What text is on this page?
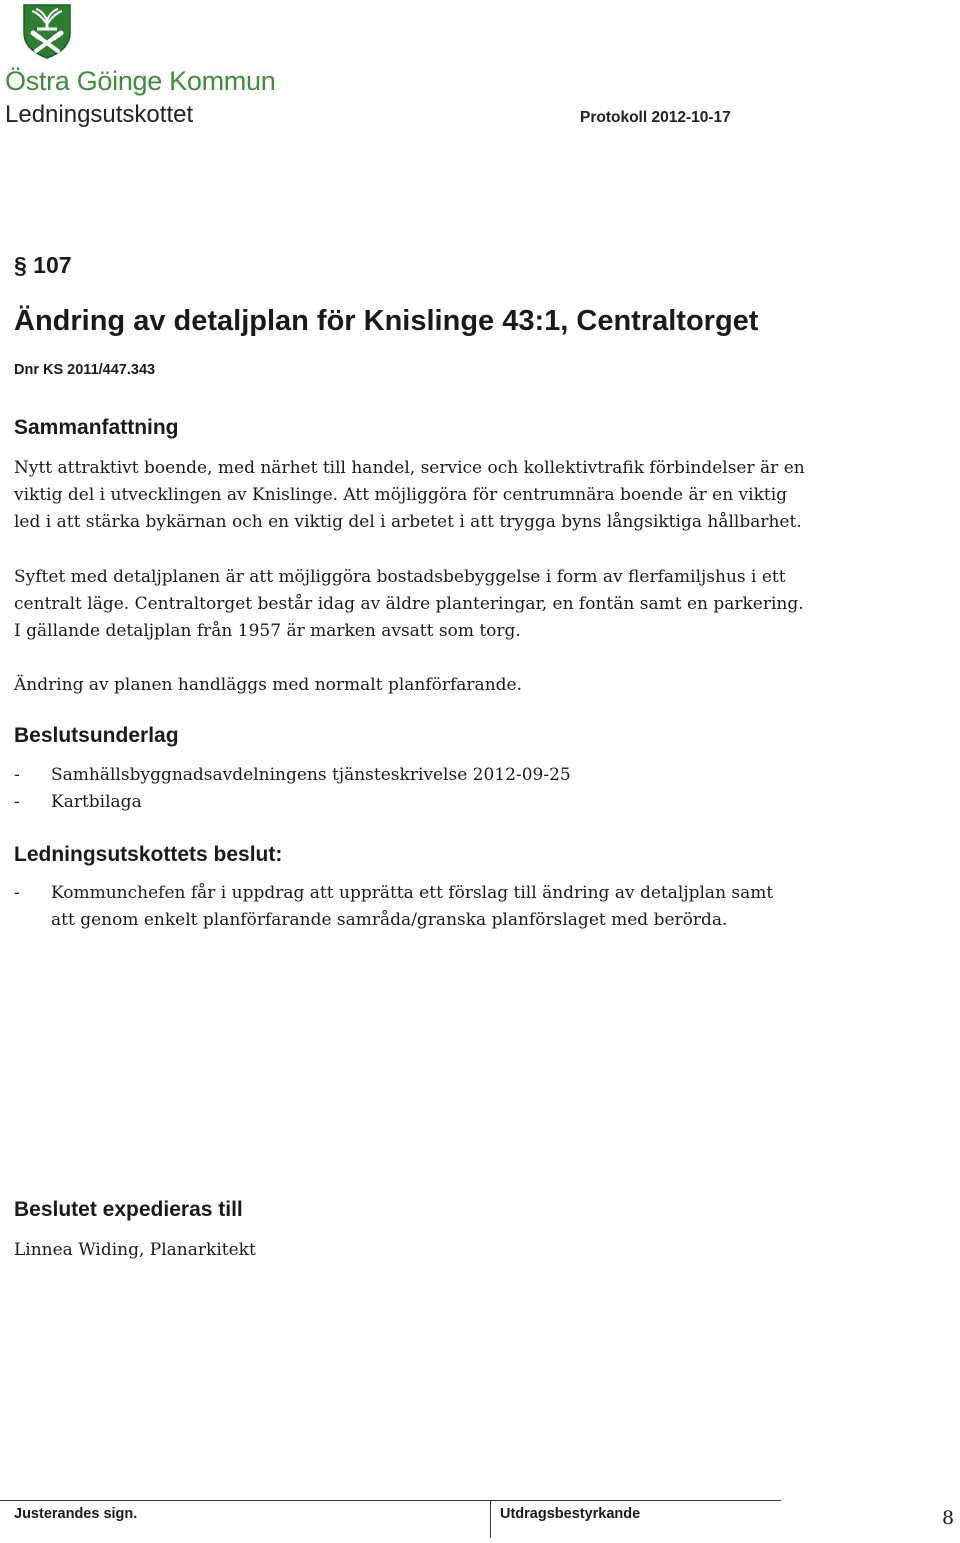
Östra Göinge Kommun
Ledningsutskottet	Protokoll 2012-10-17
§ 107
Ändring av detaljplan för Knislinge 43:1, Centraltorget
Dnr KS 2011/447.343
Sammanfattning

Nytt attraktivt boende, med närhet till handel, service och kollektivtrafik förbindelser är en viktig del i utvecklingen av Knislinge. Att möjliggöra för centrumnära boende är en viktig led i att stärka bykärnan och en viktig del i arbetet i att trygga byns långsiktiga hållbarhet.

Syftet med detaljplanen är att möjliggöra bostadsbebyggelse i form av flerfamiljshus i ett centralt läge. Centraltorget består idag av äldre planteringar, en fontän samt en parkering. I gällande detaljplan från 1957 är marken avsatt som torg.

Ändring av planen handläggs med normalt planförfarande.

Beslutsunderlag
- Samhällsbyggnadsavdelningens tjänsteskrivelse 2012-09-25
- Kartbilaga
Ledningsutskottets beslut:
- Kommunchefen får i uppdrag att upprätta ett förslag till ändring av detaljplan samt att genom enkelt planförfarande samråda/granska planförslaget med berörda.
Beslutet expedieras till
Linnea Widing, Planarkitekt
Justerandes sign.	Utdragsbestyrkande	8
